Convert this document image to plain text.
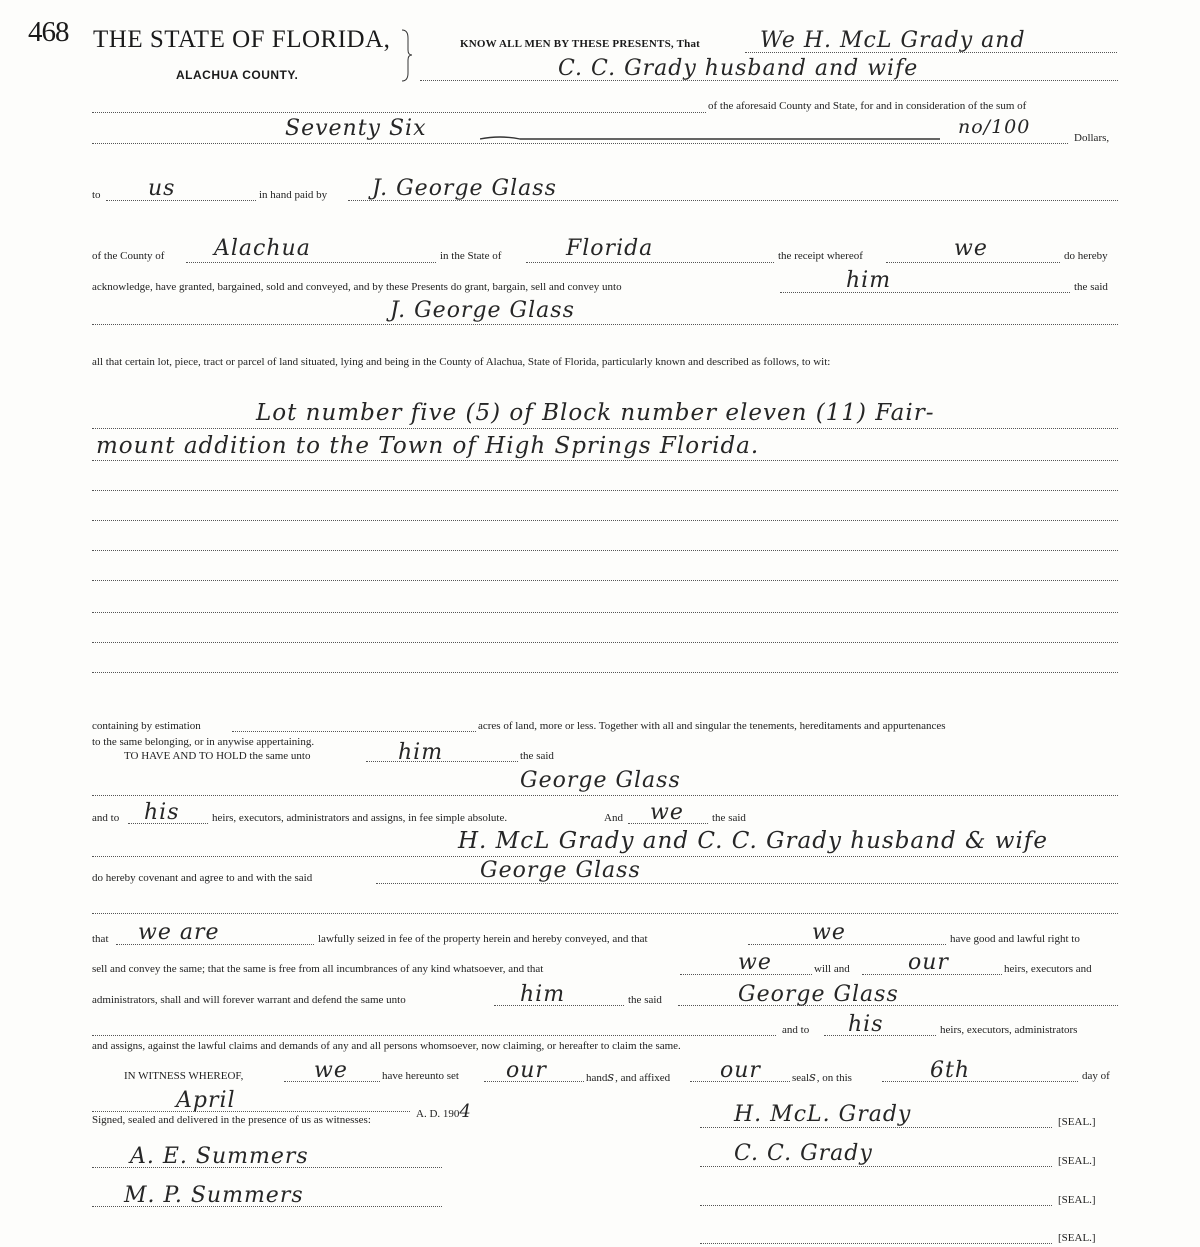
468 THE STATE OF FLORIDA,
ALACHUA COUNTY.
KNOW ALL MEN BY THESE PRESENTS, That	We H. McL Grady and
C. C. Grady husband and wife
of the aforesaid County and State, for and in consideration of the sum of
Seventy Six	no/100	Dollars,
to us	in hand paid by J. George Glass
of the County of Alachua	in the State of	Florida	the receipt whereof	we	do hereby
acknowledge, have granted, bargained, sold and conveyed, and by these Presents do grant, bargain, sell and convey unto	him	the said
J. George Glass
all that certain lot, piece, tract or parcel of land situated, lying and being in the County of Alachua, State of Florida, particularly known and described as follows, to wit:
Lot number five (5) of Block number eleven (11) Fair-
mount addition to the Town of High Springs Florida.
containing by estimation	acres of land, more or less. Together with all and singular the tenements, hereditaments and appurtenances
to the same belonging, or in anywise appertaining.
TO HAVE AND TO HOLD the same unto	him	the said
George Glass
and to his	heirs, executors, administrators and assigns, in fee simple absolute.	And we	the said
H. McL Grady and C. C. Grady husband & wife
do hereby covenant and agree to and with the said	George Glass
that we are	lawfully seized in fee of the property herein and hereby conveyed, and that	we	have good and lawful right to
sell and convey the same; that the same is free from all incumbrances of any kind whatsoever, and that	we	will and	our	heirs, executors and
administrators, shall and will forever warrant and defend the same unto	him	the said	George Glass
and to his	heirs, executors, administrators
and assigns, against the lawful claims and demands of any and all persons whomsoever, now claiming, or hereafter to claim the same.
IN WITNESS WHEREOF,	we	have hereunto set our	hands, and affixed our	seals, on this	6th	day of
April
A. D. 1904
Signed, sealed and delivered in the presence of us as witnesses:
A. E. Summers
M. P. Summers
H. McL. Grady	[SEAL.]
C. C. Grady	[SEAL.]
[SEAL.]
[SEAL.]
